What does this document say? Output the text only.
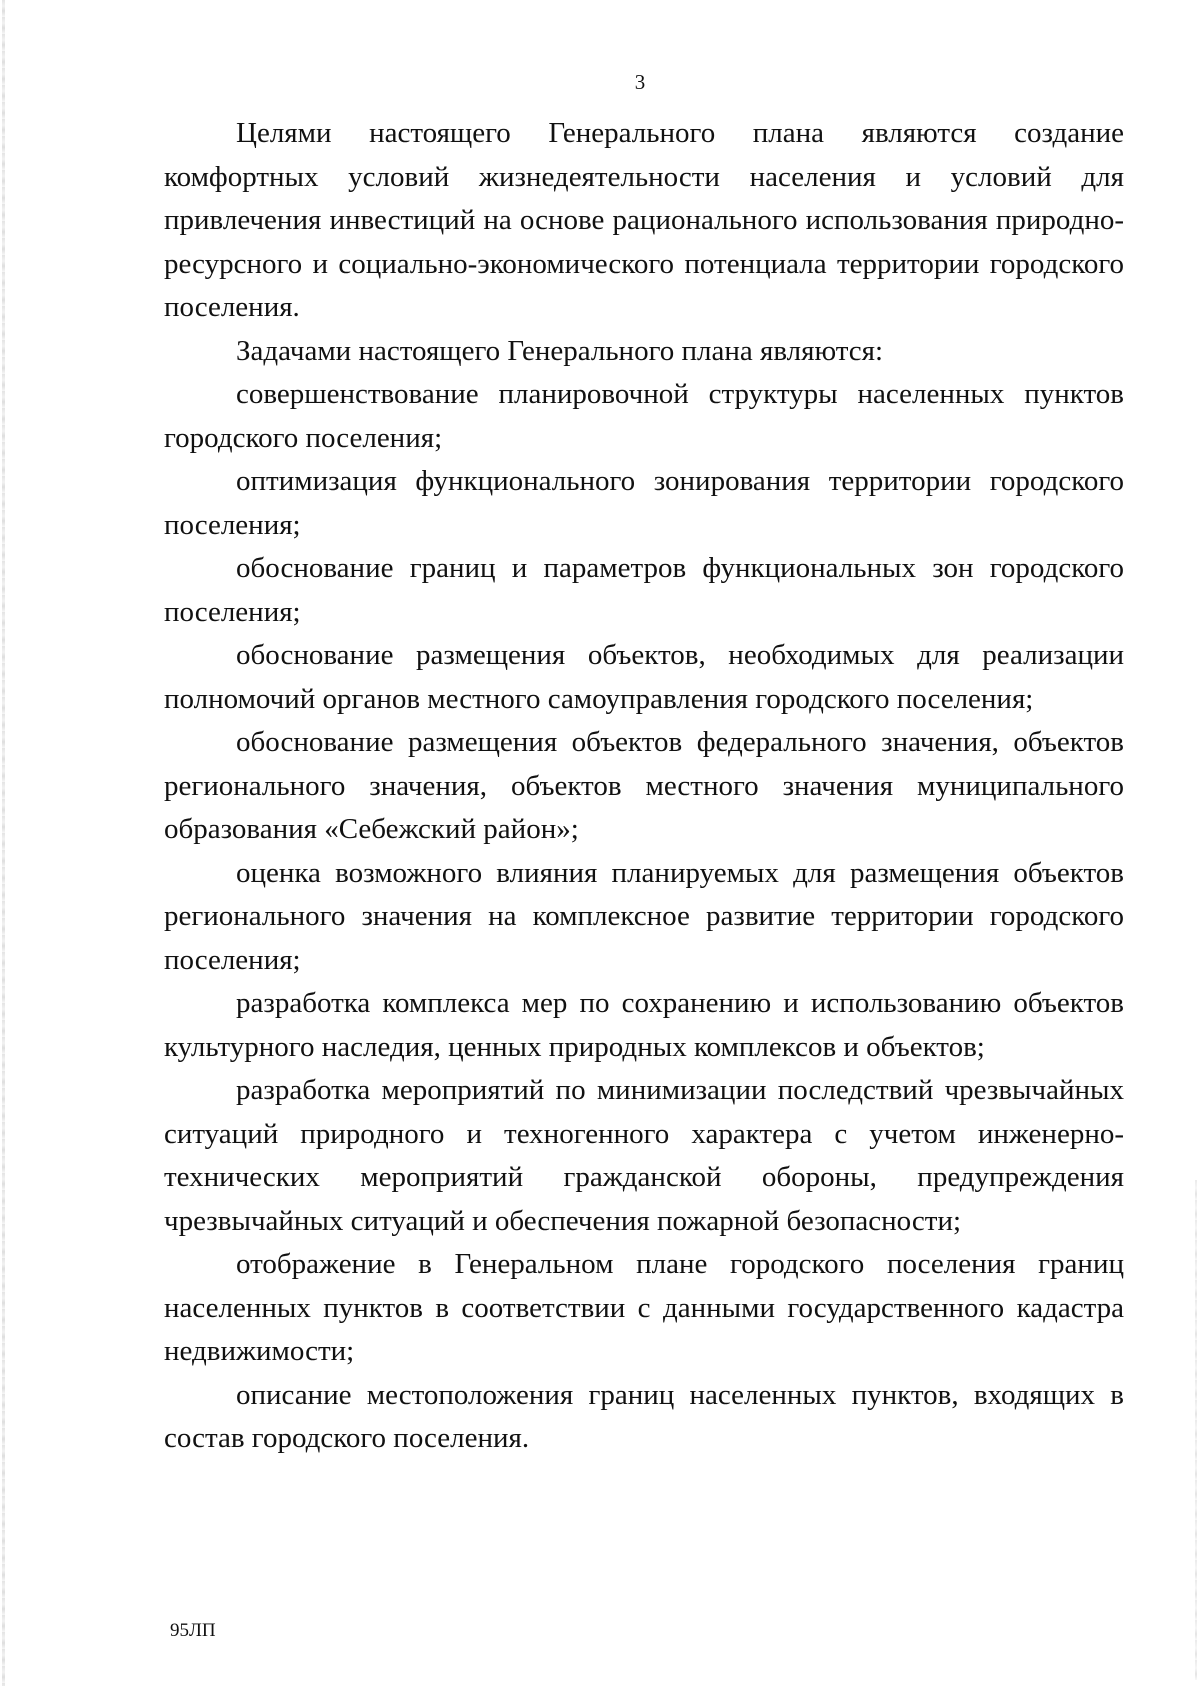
3

Целями настоящего Генерального плана являются создание комфортных условий жизнедеятельности населения и условий для привлечения инвестиций на основе рационального использования природно-ресурсного и социально-экономического потенциала территории городского поселения.

Задачами настоящего Генерального плана являются:

совершенствование планировочной структуры населенных пунктов городского поселения;

оптимизация функционального зонирования территории городского поселения;

обоснование границ и параметров функциональных зон городского поселения;

обоснование размещения объектов, необходимых для реализации полномочий органов местного самоуправления городского поселения;

обоснование размещения объектов федерального значения, объектов регионального значения, объектов местного значения муниципального образования «Себежский район»;

оценка возможного влияния планируемых для размещения объектов регионального значения на комплексное развитие территории городского поселения;

разработка комплекса мер по сохранению и использованию объектов культурного наследия, ценных природных комплексов и объектов;

разработка мероприятий по минимизации последствий чрезвычайных ситуаций природного и техногенного характера с учетом инженерно-технических мероприятий гражданской обороны, предупреждения чрезвычайных ситуаций и обеспечения пожарной безопасности;

отображение в Генеральном плане городского поселения границ населенных пунктов в соответствии с данными государственного кадастра недвижимости;

описание местоположения границ населенных пунктов, входящих в состав городского поселения.

95ЛП
